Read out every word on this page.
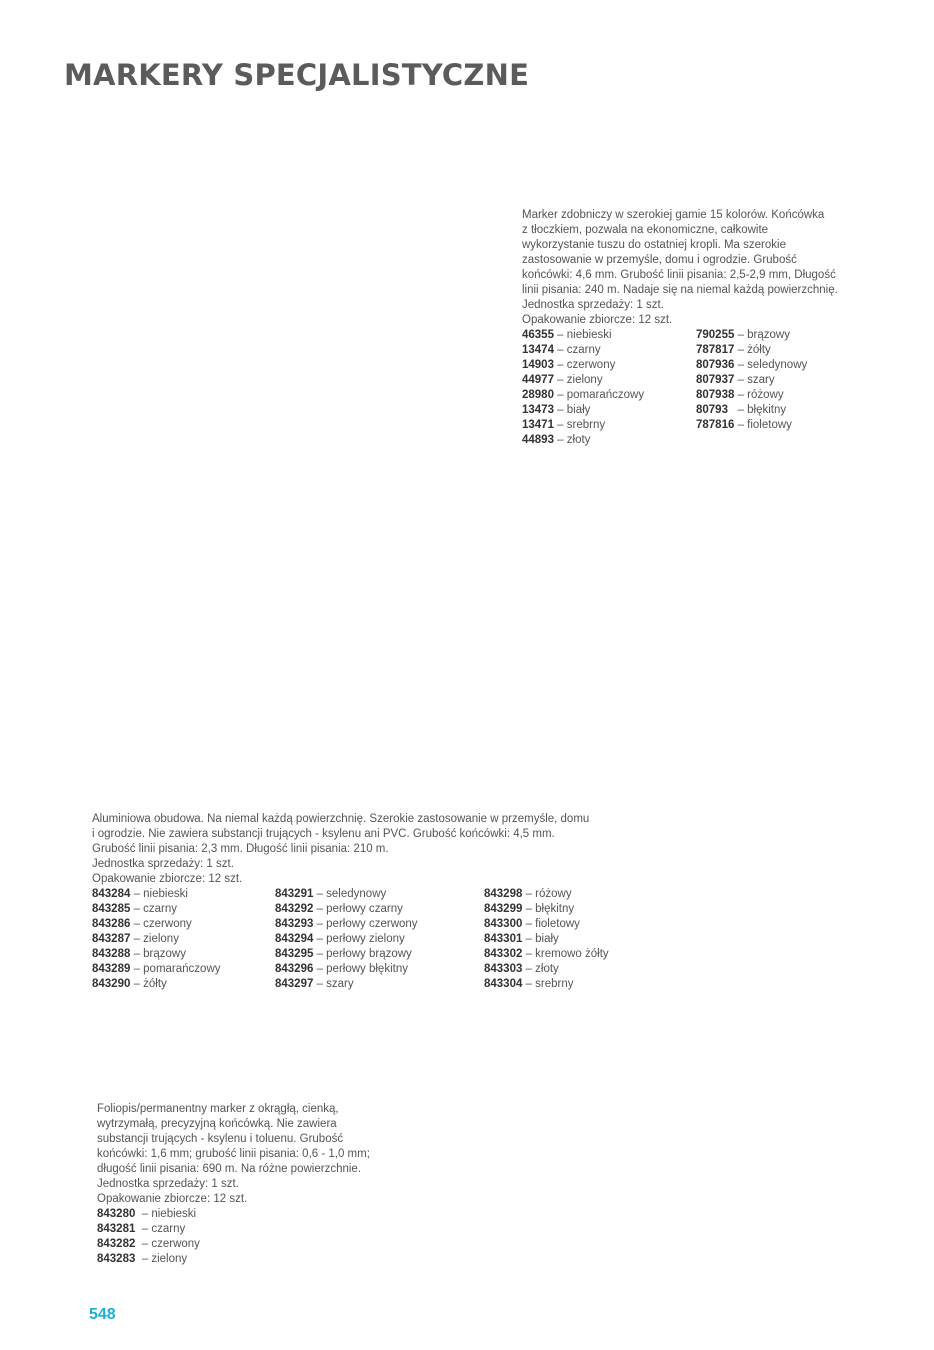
MARKERY SPECJALISTYCZNE
Marker zdobniczy w szerokiej gamie 15 kolorów. Końcówka
z tłoczkiem, pozwala na ekonomiczne, całkowite
wykorzystanie tuszu do ostatniej kropli. Ma szerokie
zastosowanie w przemyśle, domu i ogrodzie. Grubość
końcówki: 4,6 mm. Grubość linii pisania: 2,5-2,9 mm, Długość
linii pisania: 240 m. Nadaje się na niemal każdą powierzchnię.
Jednostka sprzedaży: 1 szt.
Opakowanie zbiorcze: 12 szt.
46355 – niebieski
13474 – czarny
14903 – czerwony
44977 – zielony
28980 – pomarańczowy
13473 – biały
13471 – srebrny
44893 – złoty
790255 – brązowy
787817 – żółty
807936 – seledynowy
807937 – szary
807938 – różowy
80793   – błękitny
787816 – fioletowy
Aluminiowa obudowa. Na niemal każdą powierzchnię. Szerokie zastosowanie w przemyśle, domu
i ogrodzie. Nie zawiera substancji trujących - ksylenu ani PVC. Grubość końcówki: 4,5 mm.
Grubość linii pisania: 2,3 mm. Długość linii pisania: 210 m.
Jednostka sprzedaży: 1 szt.
Opakowanie zbiorcze: 12 szt.
843284 – niebieski
843285 – czarny
843286 – czerwony
843287 – zielony
843288 – brązowy
843289 – pomarańczowy
843290 – żółty
843291 – seledynowy
843292 – perłowy czarny
843293 – perłowy czerwony
843294 – perłowy zielony
843295 – perłowy brązowy
843296 – perłowy błękitny
843297 – szary
843298 – różowy
843299 – błękitny
843300 – fioletowy
843301 – biały
843302 – kremowo żółty
843303 – złoty
843304 – srebrny
Foliopis/permanentny marker z okrągłą, cienką,
wytrzymałą, precyzyjną końcówką. Nie zawiera
substancji trujących - ksylenu i toluenu. Grubość
końcówki: 1,6 mm; grubość linii pisania: 0,6 - 1,0 mm;
długość linii pisania: 690 m. Na różne powierzchnie.
Jednostka sprzedaży: 1 szt.
Opakowanie zbiorcze: 12 szt.
843280  – niebieski
843281  – czarny
843282  – czerwony
843283  – zielony
548
